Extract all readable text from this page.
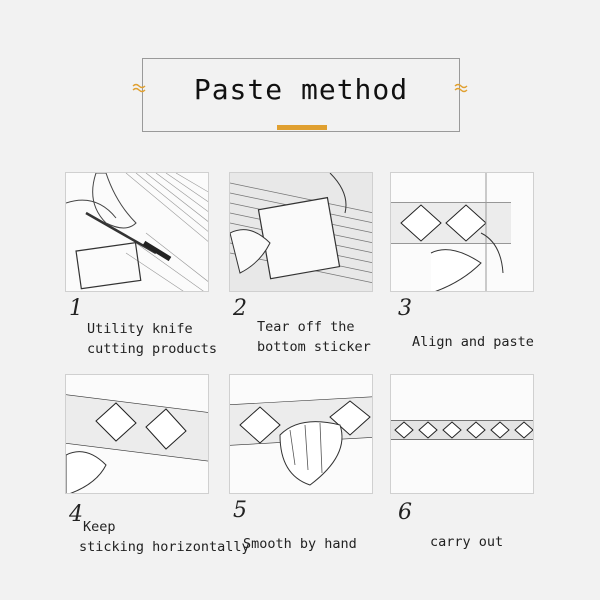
Paste method
1
Utility knife
cutting products
2
Tear off the
bottom sticker
3
Align and paste
4 Keep
sticking horizontally
5
Smooth by hand
6
carry out
